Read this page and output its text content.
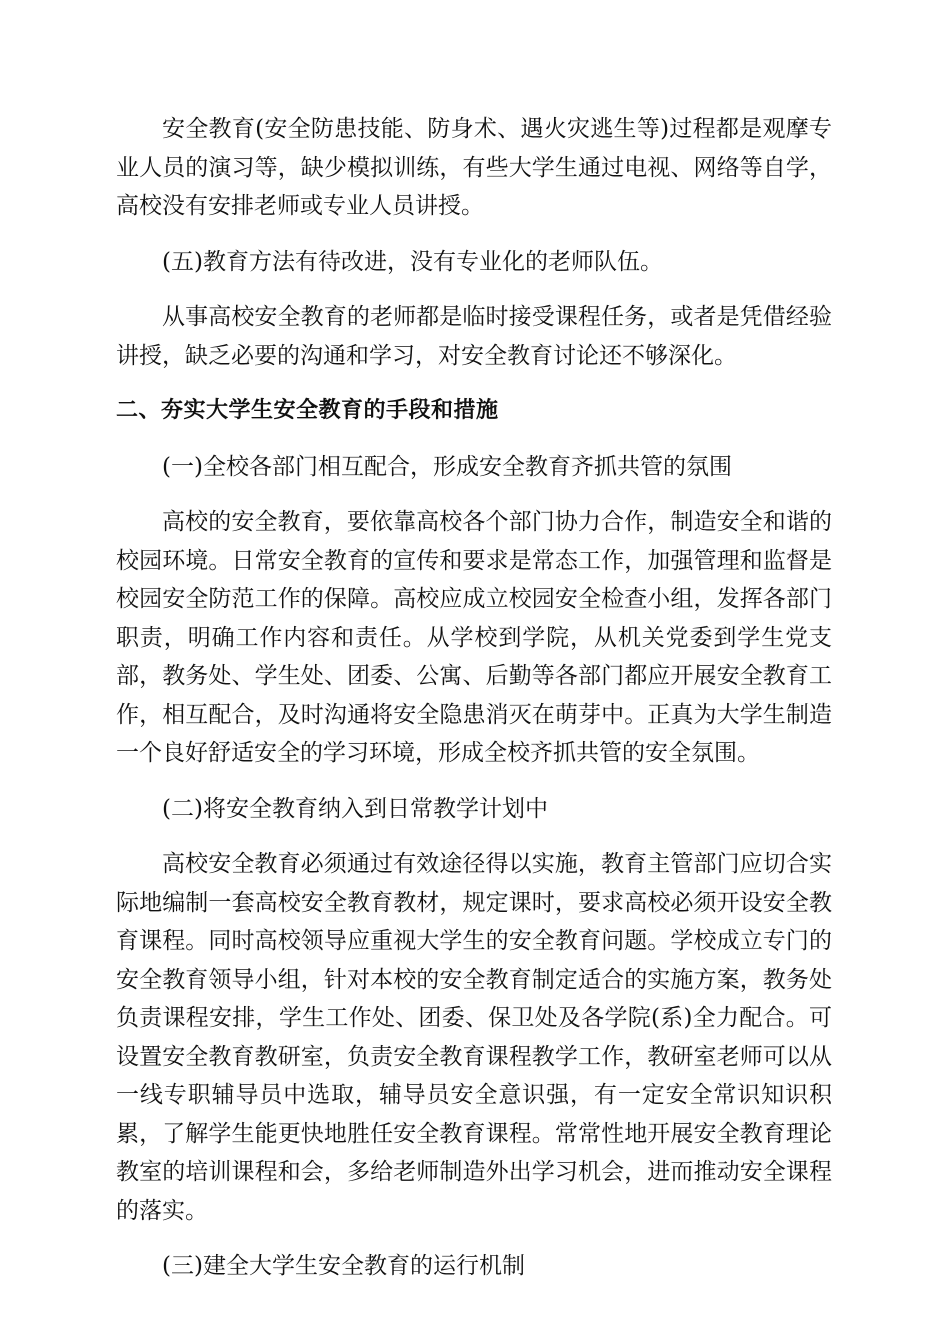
安全教育(安全防患技能、防身术、遇火灾逃生等)过程都是观摩专业人员的演习等，缺少模拟训练，有些大学生通过电视、网络等自学，高校没有安排老师或专业人员讲授。

(五)教育方法有待改进，没有专业化的老师队伍。

从事高校安全教育的老师都是临时接受课程任务，或者是凭借经验讲授，缺乏必要的沟通和学习，对安全教育讨论还不够深化。

二、夯实大学生安全教育的手段和措施

(一)全校各部门相互配合，形成安全教育齐抓共管的氛围

高校的安全教育，要依靠高校各个部门协力合作，制造安全和谐的校园环境。日常安全教育的宣传和要求是常态工作，加强管理和监督是校园安全防范工作的保障。高校应成立校园安全检查小组，发挥各部门职责，明确工作内容和责任。从学校到学院，从机关党委到学生党支部，教务处、学生处、团委、公寓、后勤等各部门都应开展安全教育工作，相互配合，及时沟通将安全隐患消灭在萌芽中。正真为大学生制造一个良好舒适安全的学习环境，形成全校齐抓共管的安全氛围。

(二)将安全教育纳入到日常教学计划中

高校安全教育必须通过有效途径得以实施，教育主管部门应切合实际地编制一套高校安全教育教材，规定课时，要求高校必须开设安全教育课程。同时高校领导应重视大学生的安全教育问题。学校成立专门的安全教育领导小组，针对本校的安全教育制定适合的实施方案，教务处负责课程安排，学生工作处、团委、保卫处及各学院(系)全力配合。可设置安全教育教研室，负责安全教育课程教学工作，教研室老师可以从一线专职辅导员中选取，辅导员安全意识强，有一定安全常识知识积累，了解学生能更快地胜任安全教育课程。常常性地开展安全教育理论教室的培训课程和会，多给老师制造外出学习机会，进而推动安全课程的落实。

(三)建全大学生安全教育的运行机制
